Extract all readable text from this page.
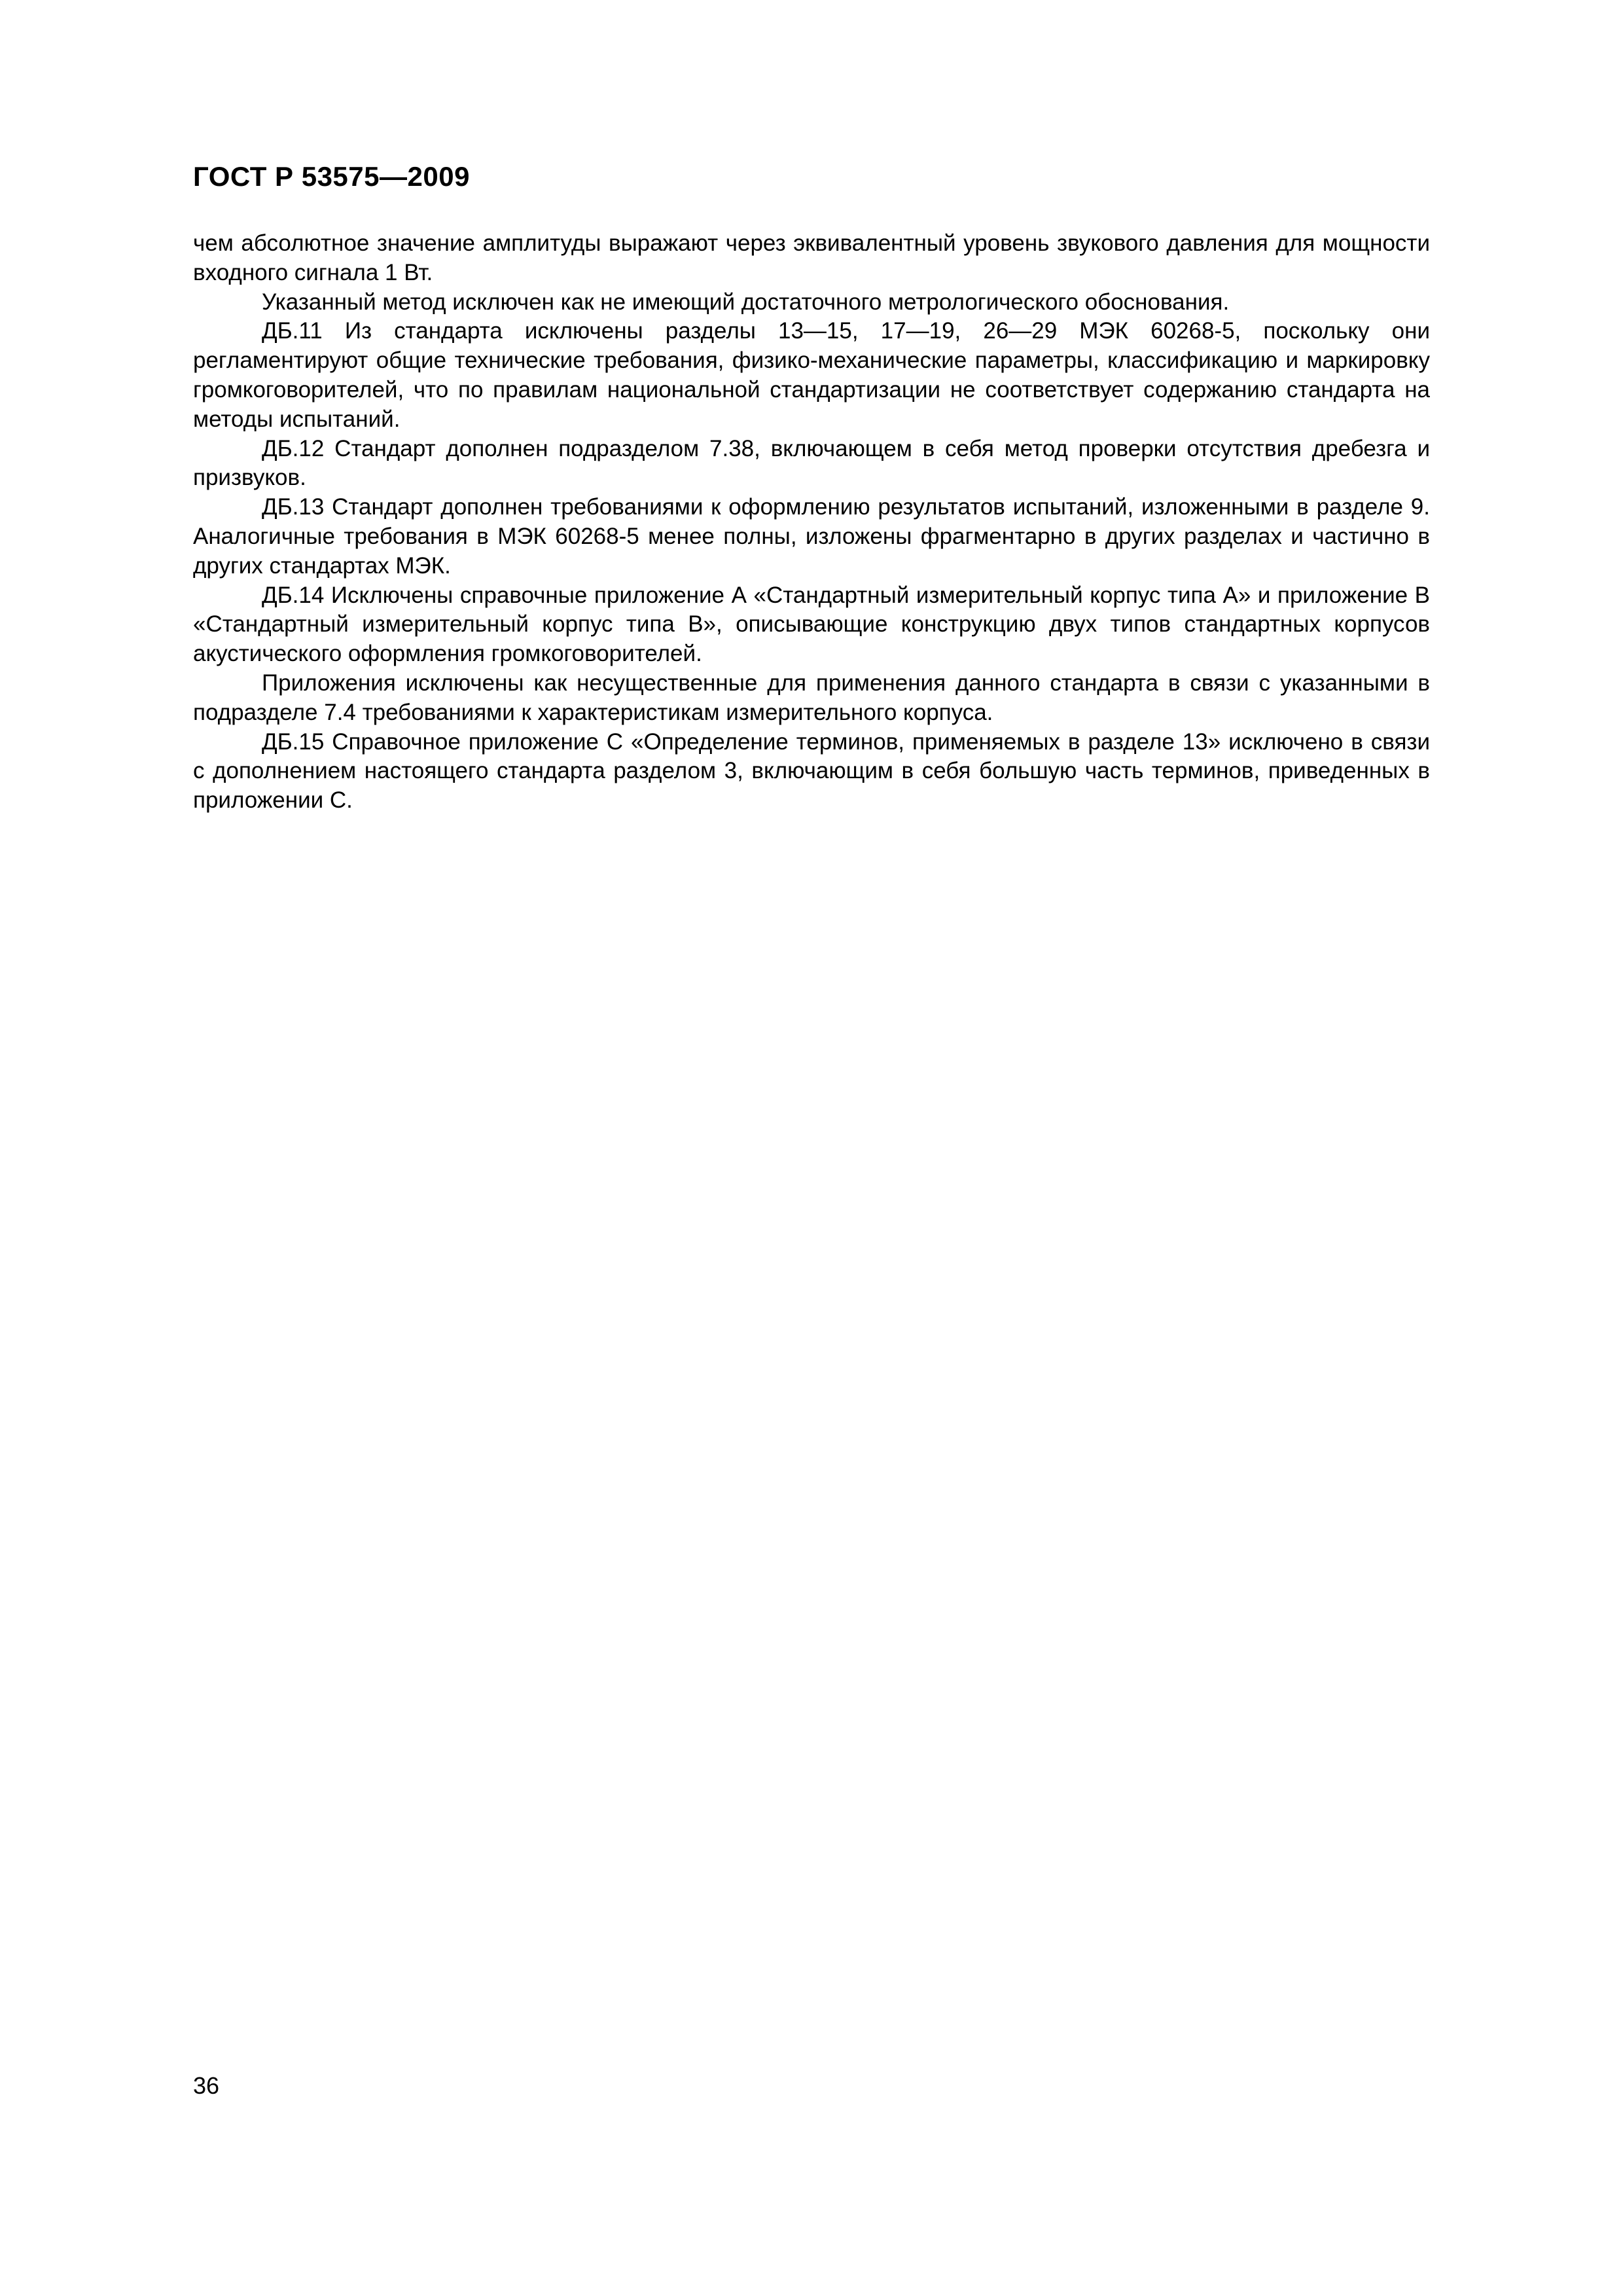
ГОСТ Р 53575—2009

чем абсолютное значение амплитуды выражают через эквивалентный уровень звукового давления для мощности входного сигнала 1 Вт.

Указанный метод исключен как не имеющий достаточного метрологического обоснования.

ДБ.11 Из стандарта исключены разделы 13—15, 17—19, 26—29 МЭК 60268-5, поскольку они регламентируют общие технические требования, физико-механические параметры, классификацию и маркировку громкоговорителей, что по правилам национальной стандартизации не соответствует содержанию стандарта на методы испытаний.

ДБ.12 Стандарт дополнен подразделом 7.38, включающем в себя метод проверки отсутствия дребезга и призвуков.

ДБ.13 Стандарт дополнен требованиями к оформлению результатов испытаний, изложенными в разделе 9. Аналогичные требования в МЭК 60268-5 менее полны, изложены фрагментарно в других разделах и частично в других стандартах МЭК.

ДБ.14 Исключены справочные приложение А «Стандартный измерительный корпус типа А» и приложение В «Стандартный измерительный корпус типа В», описывающие конструкцию двух типов стандартных корпусов акустического оформления громкоговорителей.

Приложения исключены как несущественные для применения данного стандарта в связи с указанными в подразделе 7.4 требованиями к характеристикам измерительного корпуса.

ДБ.15 Справочное приложение С «Определение терминов, применяемых в разделе 13» исключено в связи с дополнением настоящего стандарта разделом 3, включающим в себя большую часть терминов, приведенных в приложении С.

36
